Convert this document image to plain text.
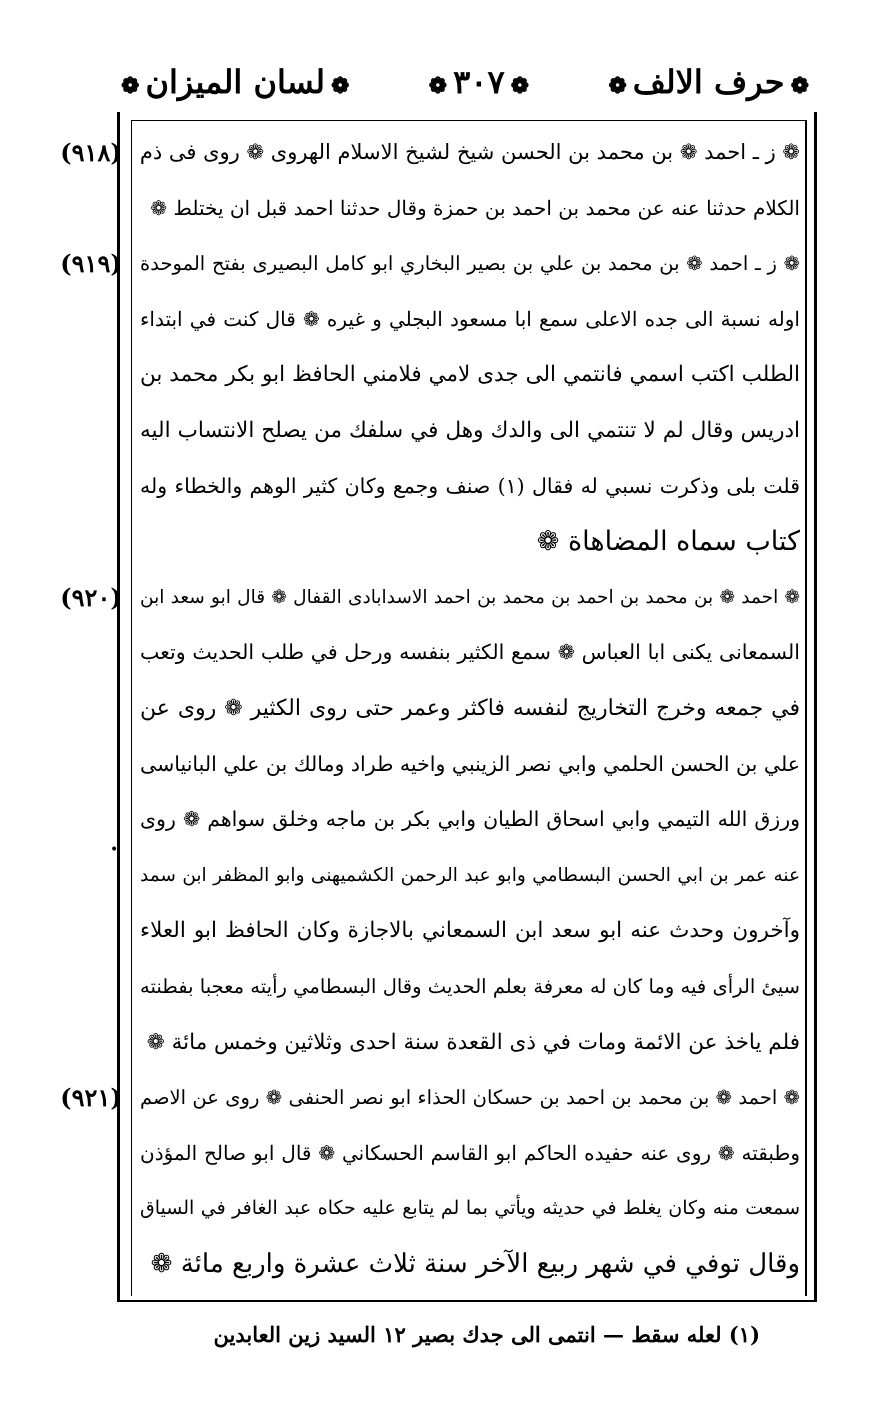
❁حرف الالف❁
❁٣٠٧❁
❁لسان الميزان❁
❁ ز ـ احمد ❁ بن محمد بن الحسن شيخ لشيخ الاسلام الهروى ❁ روى فى ذم
الكلام حدثنا عنه عن محمد بن احمد بن حمزة وقال حدثنا احمد قبل ان يختلط ❁
❁ ز ـ احمد ❁ بن محمد بن علي بن بصير البخاري ابو كامل البصيرى بفتح الموحدة
اوله نسبة الى جده الاعلى سمع ابا مسعود البجلي و غيره ❁ قال كنت في ابتداء
الطلب اكتب اسمي فانتمي الى جدى لامي فلامني الحافظ ابو بكر محمد بن
ادريس وقال لم لا تنتمي الى والدك وهل في سلفك من يصلح الانتساب اليه
قلت بلى وذكرت نسبي له فقال (١) صنف وجمع وكان كثير الوهم والخطاء وله
كتاب سماه المضاهاة ❁
❁ احمد ❁ بن محمد بن احمد بن محمد بن احمد الاسدابادى القفال ❁ قال ابو سعد ابن
السمعانى يكنى ابا العباس ❁ سمع الكثير بنفسه ورحل في طلب الحديث وتعب
في جمعه وخرج التخاريج لنفسه فاكثر وعمر حتى روى الكثير ❁ روى عن
علي بن الحسن الحلمي وابي نصر الزينبي واخيه طراد ومالك بن علي البانياسى
ورزق الله التيمي وابي اسحاق الطيان وابي بكر بن ماجه وخلق سواهم ❁ روى
عنه عمر بن ابي الحسن البسطامي وابو عبد الرحمن الكشميهنى وابو المظفر ابن سمد
وآخرون وحدث عنه ابو سعد ابن السمعاني بالاجازة وكان الحافظ ابو العلاء
سيئ الرأى فيه وما كان له معرفة بعلم الحديث وقال البسطامي رأيته معجبا بفطنته
فلم ياخذ عن الائمة ومات في ذى القعدة سنة احدى وثلاثين وخمس مائة ❁
❁ احمد ❁ بن محمد بن احمد بن حسكان الحذاء ابو نصر الحنفى ❁ روى عن الاصم
وطبقته ❁ روى عنه حفيده الحاكم ابو القاسم الحسكاني ❁ قال ابو صالح المؤذن
سمعت منه وكان يغلط في حديثه ويأتي بما لم يتابع عليه حكاه عبد الغافر في السياق
وقال توفي في شهر ربيع الآخر سنة ثلاث عشرة واربع مائة ❁
(٩١٨)
(٩١٩)
(٩٢٠)
(٩٢١)
•
(١) لعله سقط — انتمى الى جدك بصير ١٢ السيد زين العابدين
